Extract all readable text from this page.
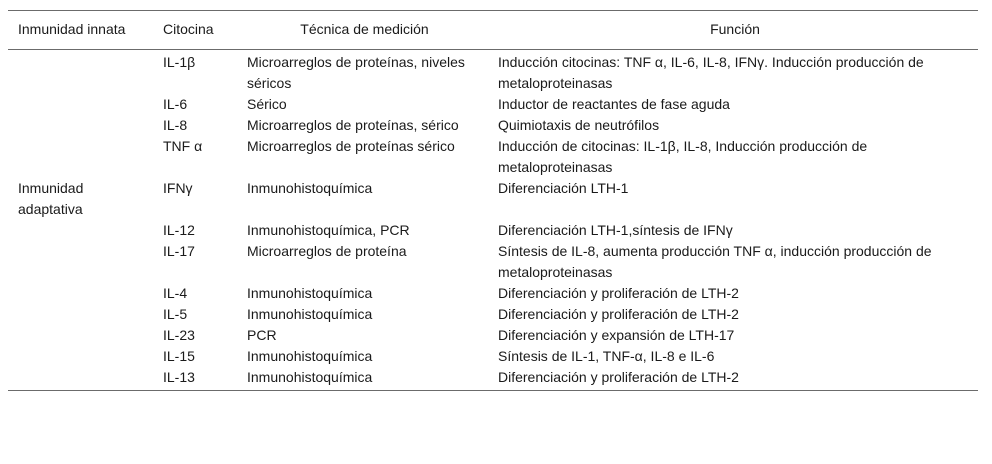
Inmunidad innata	Citocina	Técnica de medición	Función
	IL-1β	Microarreglos de proteínas, niveles séricos	Inducción citocinas: TNF α, IL-6, IL-8, IFNγ. Inducción producción de metaloproteinasas
	IL-6	Sérico	Inductor de reactantes de fase aguda
	IL-8	Microarreglos de proteínas, sérico	Quimiotaxis de neutrófilos
	TNF α	Microarreglos de proteínas sérico	Inducción de citocinas: IL-1β, IL-8, Inducción producción de metaloproteinasas
Inmunidad adaptativa	IFNγ	Inmunohistoquímica	Diferenciación LTH-1
	IL-12	Inmunohistoquímica, PCR	Diferenciación LTH-1,síntesis de IFNγ
	IL-17	Microarreglos de proteína	Síntesis de IL-8, aumenta producción TNF α, inducción producción de metaloproteinasas
	IL-4	Inmunohistoquímica	Diferenciación y proliferación de LTH-2
	IL-5	Inmunohistoquímica	Diferenciación y proliferación de LTH-2
	IL-23	PCR	Diferenciación y expansión de LTH-17
	IL-15	Inmunohistoquímica	Síntesis de IL-1, TNF-α, IL-8 e IL-6
	IL-13	Inmunohistoquímica	Diferenciación y proliferación de LTH-2
